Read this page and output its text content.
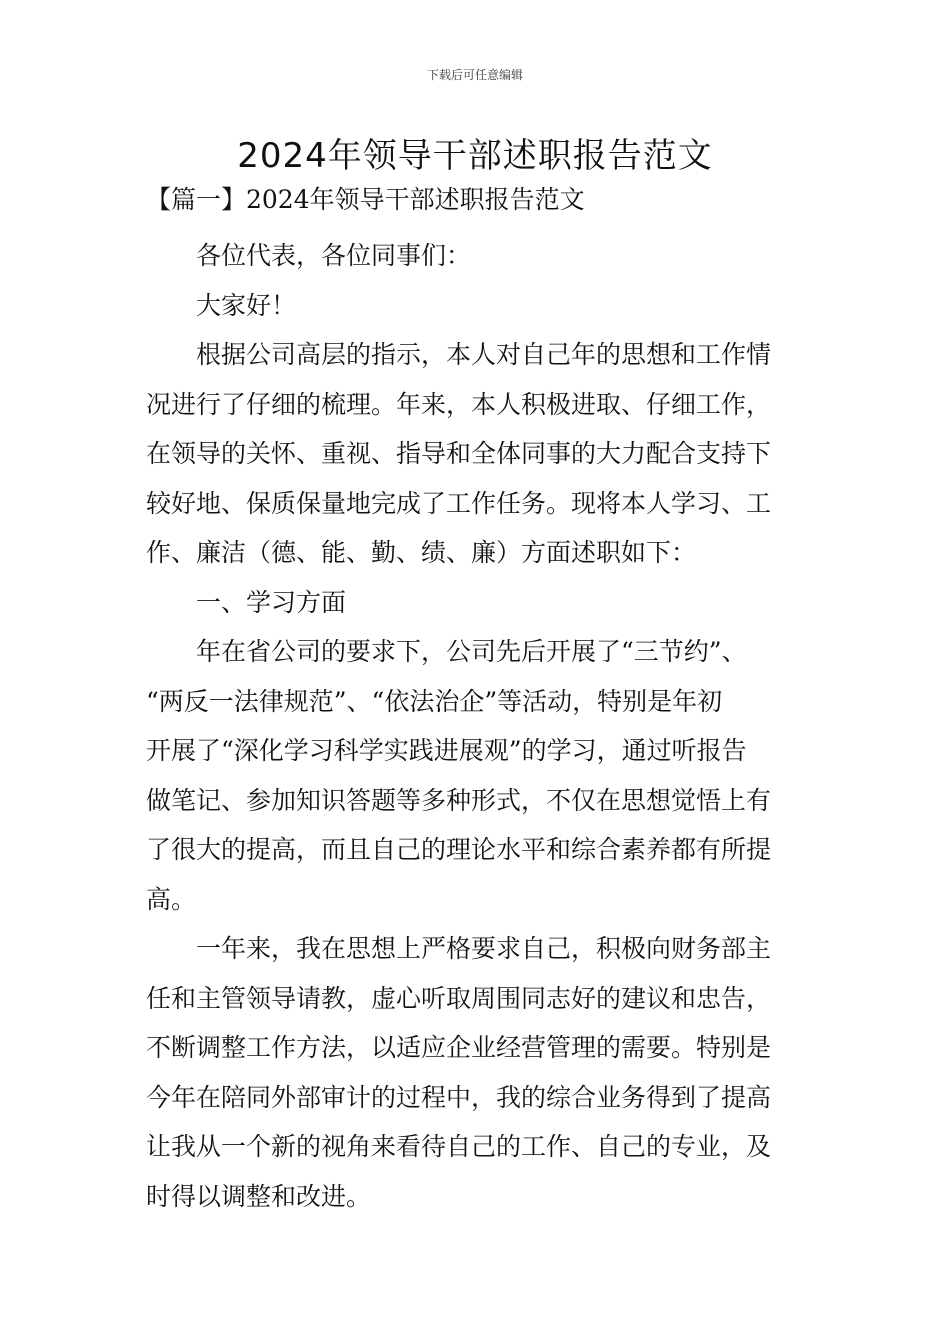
下载后可任意编辑
2024年领导干部述职报告范文

【篇一】2024年领导干部述职报告范文

各位代表，各位同事们：

大家好！

根据公司高层的指示，本人对自己年的思想和工作情

况进行了仔细的梳理。年来，本人积极进取、仔细工作，

在领导的关怀、重视、指导和全体同事的大力配合支持下

较好地、保质保量地完成了工作任务。现将本人学习、工

作、廉洁（德、能、勤、绩、廉）方面述职如下：

一、学习方面

年在省公司的要求下，公司先后开展了“三节约”、

“两反一法律规范”、“依法治企”等活动，特别是年初

开展了“深化学习科学实践进展观”的学习，通过听报告

做笔记、参加知识答题等多种形式，不仅在思想觉悟上有

了很大的提高，而且自己的理论水平和综合素养都有所提

高。

一年来，我在思想上严格要求自己，积极向财务部主

任和主管领导请教，虚心听取周围同志好的建议和忠告，

不断调整工作方法，以适应企业经营管理的需要。特别是

今年在陪同外部审计的过程中，我的综合业务得到了提高

让我从一个新的视角来看待自己的工作、自己的专业，及

时得以调整和改进。
